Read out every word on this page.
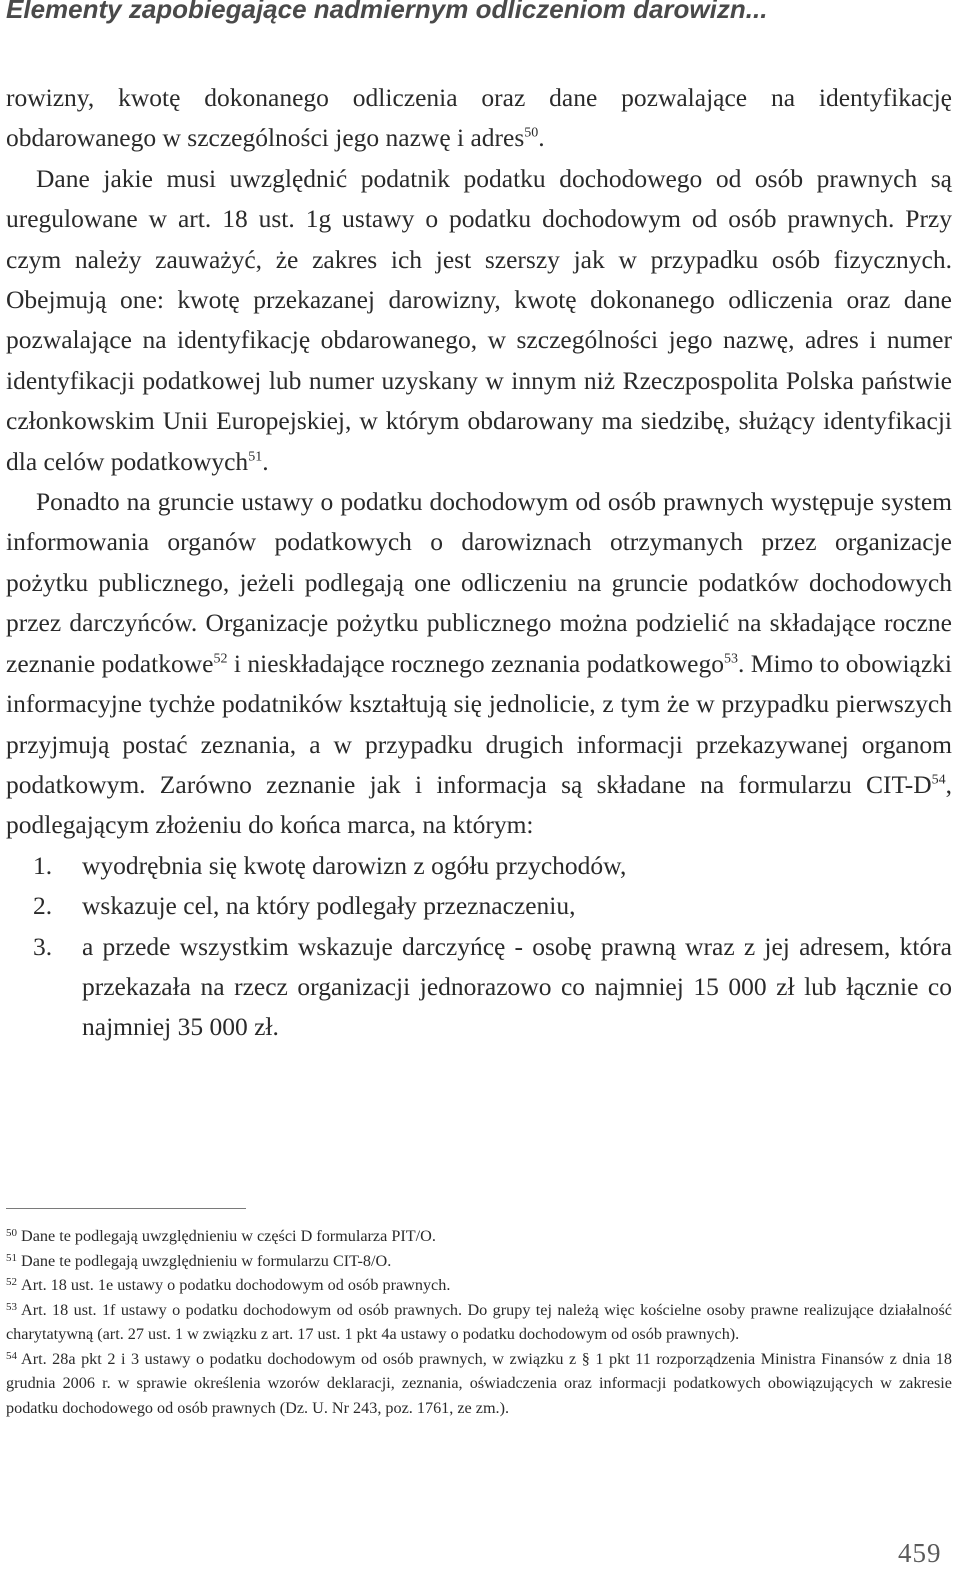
Elementy zapobiegające nadmiernym odliczeniom darowizn...

rowizny, kwotę dokonanego odliczenia oraz dane pozwalające na identyfikację obdarowanego w szczególności jego nazwę i adres$^{50}$.

Dane jakie musi uwzględnić podatnik podatku dochodowego od osób prawnych są uregulowane w art. 18 ust. 1g ustawy o podatku dochodowym od osób prawnych. Przy czym należy zauważyć, że zakres ich jest szerszy jak w przypadku osób fizycznych. Obejmują one: kwotę przekazanej darowizny, kwotę dokonanego odliczenia oraz dane pozwalające na identyfikację obdarowanego, w szczególności jego nazwę, adres i numer identyfikacji podatkowej lub numer uzyskany w innym niż Rzeczpospolita Polska państwie członkowskim Unii Europejskiej, w którym obdarowany ma siedzibę, służący identyfikacji dla celów podatkowych$^{51}$.

Ponadto na gruncie ustawy o podatku dochodowym od osób prawnych występuje system informowania organów podatkowych o darowiznach otrzymanych przez organizacje pożytku publicznego, jeżeli podlegają one odliczeniu na gruncie podatków dochodowych przez darczyńców. Organizacje pożytku publicznego można podzielić na składające roczne zeznanie podatkowe$^{52}$ i nieskładające rocznego zeznania podatkowego$^{53}$. Mimo to obowiązki informacyjne tychże podatników kształtują się jednolicie, z tym że w przypadku pierwszych przyjmują postać zeznania, a w przypadku drugich informacji przekazywanej organom podatkowym. Zarówno zeznanie jak i informacja są składane na formularzu CIT-$D^{54}$, podlegającym złożeniu do końca marca, na którym:

1. wyodrębnia się kwotę darowizn z ogółu przychodów,
2. wskazuje cel, na który podlegały przeznaczeniu,
3. a przede wszystkim wskazuje darczyńcę - osobę prawną wraz z jej adresem, która przekazała na rzecz organizacji jednorazowo co najmniej 15 000 zł lub łącznie co najmniej 35 000 zł.

$^{50}$ Dane te podlegają uwzględnieniu w części D formularza PIT/O.

$^{51}$ Dane te podlegają uwzględnieniu w formularzu CIT-8/O.

$^{52}$ Art. 18 ust. 1e ustawy o podatku dochodowym od osób prawnych.

$^{53}$ Art. 18 ust. 1f ustawy o podatku dochodowym od osób prawnych. Do grupy tej należą więc kościelne osoby prawne realizujące działalność charytatywną (art. 27 ust. 1 w związku z art. 17 ust. 1 pkt 4a ustawy o podatku dochodowym od osób prawnych).

$^{54}$ Art. 28a pkt 2 i 3 ustawy o podatku dochodowym od osób prawnych, w związku z § 1 pkt 11 rozporządzenia Ministra Finansów z dnia 18 grudnia 2006 r. w sprawie określenia wzorów deklaracji, zeznania, oświadczenia oraz informacji podatkowych obowiązujących w zakresie podatku dochodowego od osób prawnych (Dz. U. Nr 243, poz. 1761, ze zm.).

459
